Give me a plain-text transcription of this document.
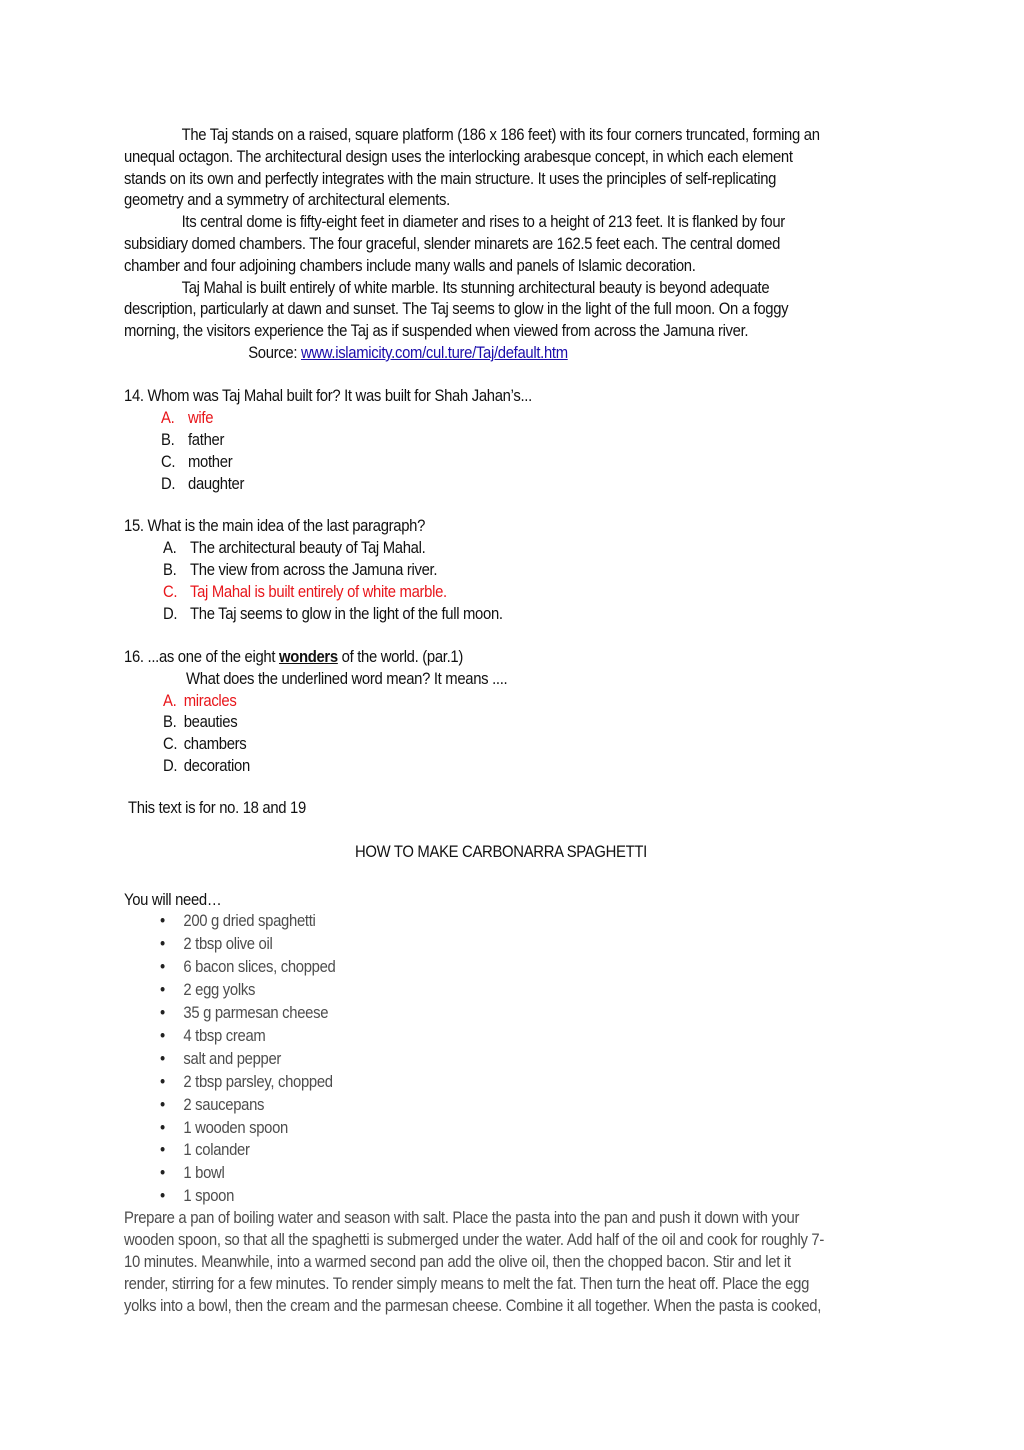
The Taj stands on a raised, square platform (186 x 186 feet) with its four corners truncated, forming an
unequal octagon. The architectural design uses the interlocking arabesque concept, in which each element
stands on its own and perfectly integrates with the main structure. It uses the principles of self-replicating
geometry and a symmetry of architectural elements.
Its central dome is fifty-eight feet in diameter and rises to a height of 213 feet. It is flanked by four
subsidiary domed chambers. The four graceful, slender minarets are 162.5 feet each. The central domed
chamber and four adjoining chambers include many walls and panels of Islamic decoration.
Taj Mahal is built entirely of white marble. Its stunning architectural beauty is beyond adequate
description, particularly at dawn and sunset. The Taj seems to glow in the light of the full moon. On a foggy
morning, the visitors experience the Taj as if suspended when viewed from across the Jamuna river.
Source: www.islamicity.com/cul.ture/Taj/default.htm
14. Whom was Taj Mahal built for? It was built for Shah Jahan’s...
A. wife
B. father
C. mother
D. daughter
15. What is the main idea of the last paragraph?
A. The architectural beauty of Taj Mahal.
B. The view from across the Jamuna river.
C. Taj Mahal is built entirely of white marble.
D. The Taj seems to glow in the light of the full moon.
16. ...as one of the eight wonders of the world. (par.1)
What does the underlined word mean? It means ....
A. miracles
B. beauties
C. chambers
D. decoration
This text is for no. 18 and 19
HOW TO MAKE CARBONARRA SPAGHETTI
You will need…
• 200 g dried spaghetti
• 2 tbsp olive oil
• 6 bacon slices, chopped
• 2 egg yolks
• 35 g parmesan cheese
• 4 tbsp cream
• salt and pepper
• 2 tbsp parsley, chopped
• 2 saucepans
• 1 wooden spoon
• 1 colander
• 1 bowl
• 1 spoon
Prepare a pan of boiling water and season with salt. Place the pasta into the pan and push it down with your
wooden spoon, so that all the spaghetti is submerged under the water. Add half of the oil and cook for roughly 7-
10 minutes. Meanwhile, into a warmed second pan add the olive oil, then the chopped bacon. Stir and let it
render, stirring for a few minutes. To render simply means to melt the fat. Then turn the heat off. Place the egg
yolks into a bowl, then the cream and the parmesan cheese. Combine it all together. When the pasta is cooked,
